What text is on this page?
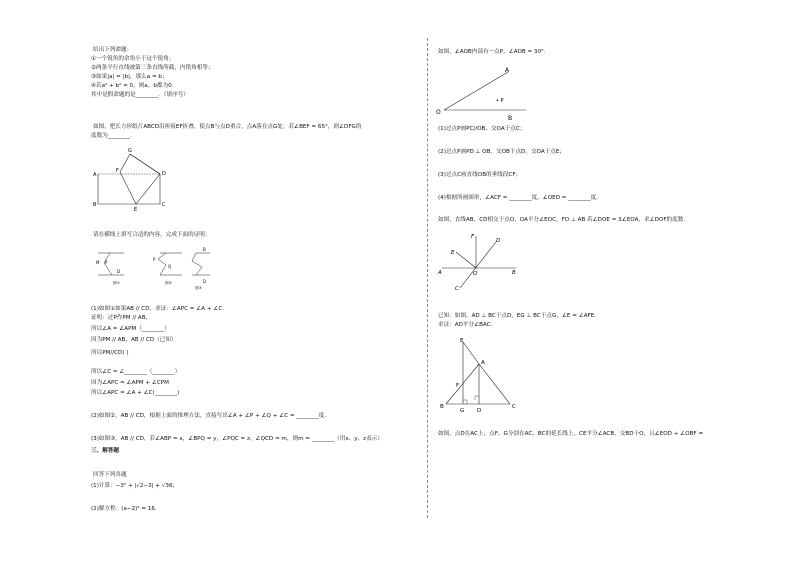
给出下列命题：
①一个锐角的余角小于这个锐角；
②两条平行直线被第三条直线所截，内错角相等；
③如果|a| = |b|，那么a = b；
④若a² + b² = 0，则a、b都为0.
其中是假命题的是________．（填序号）
如图，把长方形纸片ABCD沿折痕EF折叠，使点B与点D重合，点A落在点G处，若∠BEF = 65°，则∠DFG的
度数为________.
A
B	C
D
E
F
G
请在横线上填写合适的内容，完成下面的证明：
M P
D
图①
P
Q
图②
B
D
图③
(1)如图①如果AB // CD，求证：∠APC = ∠A + ∠C.
证明：过P作PM // AB，
所以∠A = ∠APM（________）
因为PM // AB，AB // CD（已知）
所以PM//CD( )
所以∠C = ∠________（________）
因为∠APC = ∠APM + ∠CPM
所以∠APC = ∠A + ∠C(________)
(2)如图②，AB // CD，根据上面的推理方法，直接写出∠A + ∠P + ∠Q + ∠C = ________度.
(3)如图③，AB // CD，若∠ABP = x，∠BPQ = y，∠PQC = z，∠QCD = m，则m = ________（用x、y、z表示）
三、解答题
回答下列各题
(1)计算：−3² + |√2−3| + √36；
(2)解方程：(a−2)² = 16.
如图，∠AOB内部有一点P，∠AOB = 30°.
O
B
A
• P
(1)过点P画PC//OB，交OA于点C；
(2)过点P画PD ⊥ OB，交OB于点D，交OA于点E；
(3)过点C画直线OB的垂线段CF；
(4)根据所画图形，∠ACF = ________度，∠OED = ________度.
如图，直线AB、CD相交于点O，OA平分∠EOC，FO ⊥ AB 若∠DOE = 3∠EOA，求∠DOF的度数.
A	B
C
D
E
F
O
已知：如图，AD ⊥ BC于点D，EG ⊥ BC于点G，∠E = ∠AFE.
求证：AD平分∠BAC.
E
A
F
B
G D
C
如图，点D在AC上，点F、G分别在AC、BC的延长线上，CE平分∠ACB，交BD于O，且∠EOD + ∠OBF =
